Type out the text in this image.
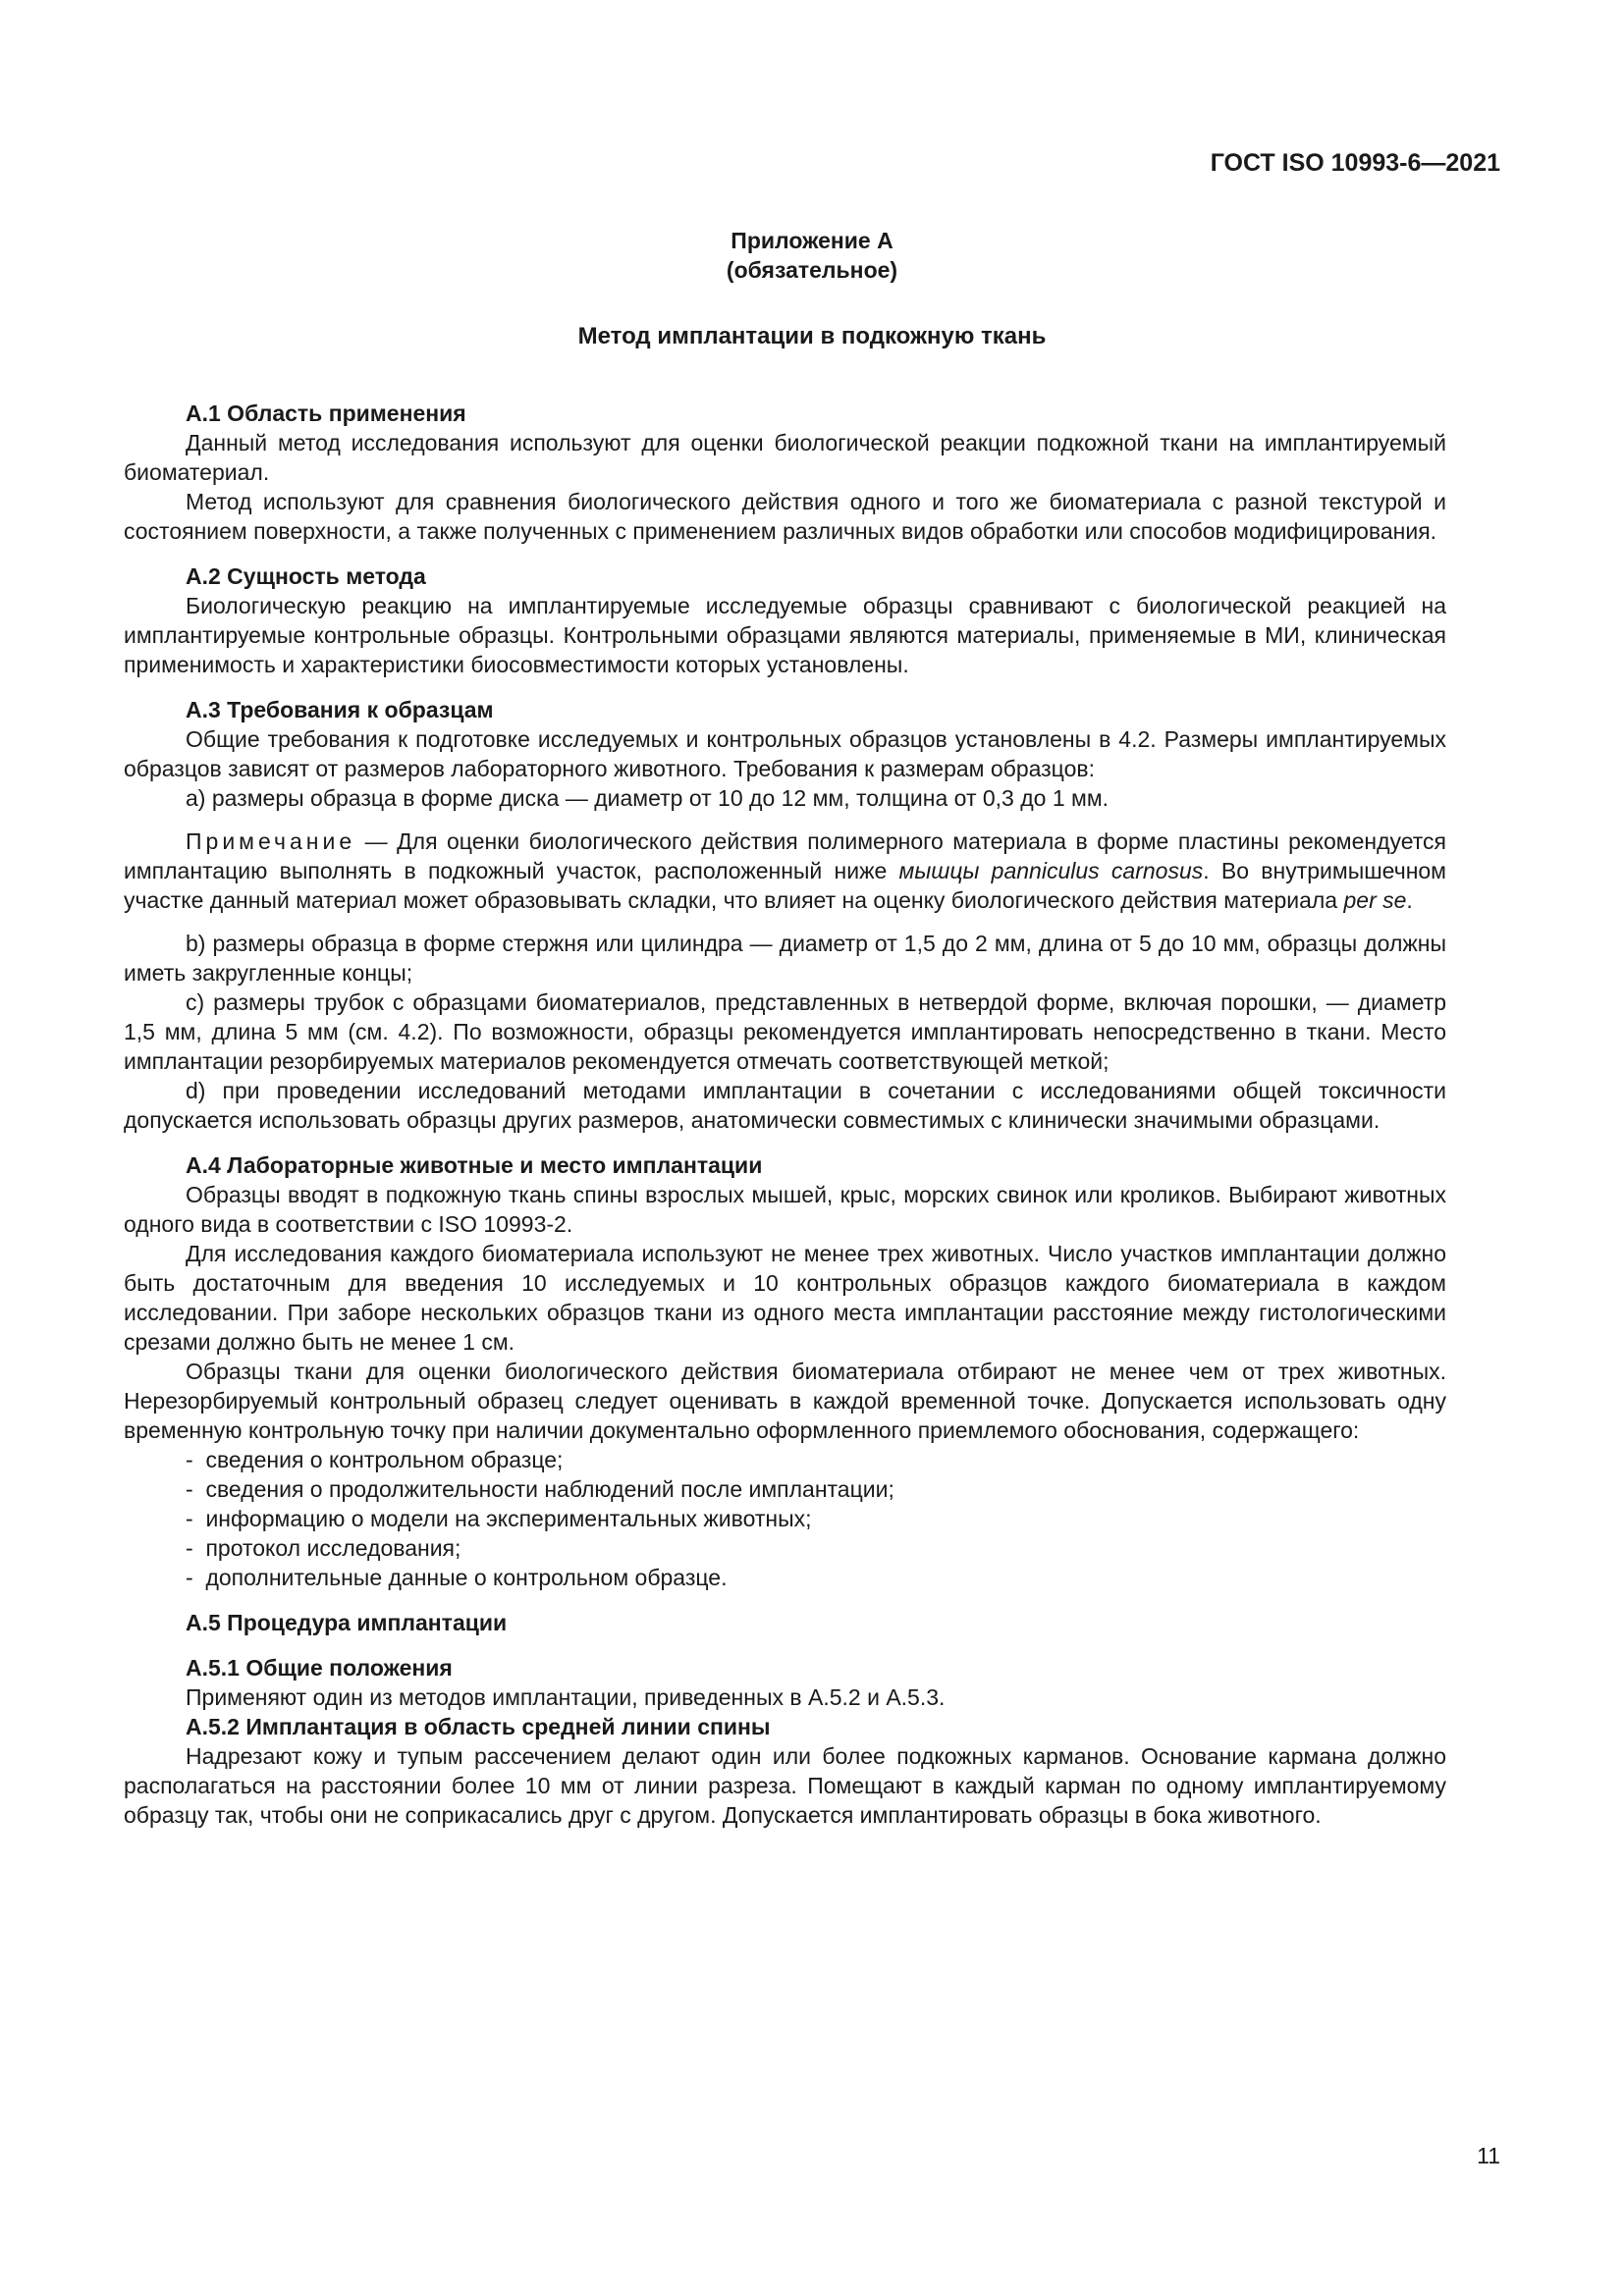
ГОСТ ISO 10993-6—2021

Приложение А
(обязательное)
Метод имплантации в подкожную ткань
А.1 Область применения

Данный метод исследования используют для оценки биологической реакции подкожной ткани на имплантируемый биоматериал.

Метод используют для сравнения биологического действия одного и того же биоматериала с разной текстурой и состоянием поверхности, а также полученных с применением различных видов обработки или способов модифицирования.

А.2 Сущность метода

Биологическую реакцию на имплантируемые исследуемые образцы сравнивают с биологической реакцией на имплантируемые контрольные образцы. Контрольными образцами являются материалы, применяемые в МИ, клиническая применимость и характеристики биосовместимости которых установлены.

А.3 Требования к образцам

Общие требования к подготовке исследуемых и контрольных образцов установлены в 4.2. Размеры имплантируемых образцов зависят от размеров лабораторного животного. Требования к размерам образцов:

a) размеры образца в форме диска — диаметр от 10 до 12 мм, толщина от 0,3 до 1 мм.

Примечание — Для оценки биологического действия полимерного материала в форме пластины рекомендуется имплантацию выполнять в подкожный участок, расположенный ниже мышцы panniculus carnosus. Во внутримышечном участке данный материал может образовывать складки, что влияет на оценку биологического действия материала per se.

b) размеры образца в форме стержня или цилиндра — диаметр от 1,5 до 2 мм, длина от 5 до 10 мм, образцы должны иметь закругленные концы;

c) размеры трубок с образцами биоматериалов, представленных в нетвердой форме, включая порошки, — диаметр 1,5 мм, длина 5 мм (см. 4.2). По возможности, образцы рекомендуется имплантировать непосредственно в ткани. Место имплантации резорбируемых материалов рекомендуется отмечать соответствующей меткой;

d) при проведении исследований методами имплантации в сочетании с исследованиями общей токсичности допускается использовать образцы других размеров, анатомически совместимых с клинически значимыми образцами.

А.4 Лабораторные животные и место имплантации

Образцы вводят в подкожную ткань спины взрослых мышей, крыс, морских свинок или кроликов. Выбирают животных одного вида в соответствии с ISO 10993-2.

Для исследования каждого биоматериала используют не менее трех животных. Число участков имплантации должно быть достаточным для введения 10 исследуемых и 10 контрольных образцов каждого биоматериала в каждом исследовании. При заборе нескольких образцов ткани из одного места имплантации расстояние между гистологическими срезами должно быть не менее 1 см.

Образцы ткани для оценки биологического действия биоматериала отбирают не менее чем от трех животных. Нерезорбируемый контрольный образец следует оценивать в каждой временной точке. Допускается использовать одну временную контрольную точку при наличии документально оформленного приемлемого обоснования, содержащего:

-  сведения о контрольном образце;
-  сведения о продолжительности наблюдений после имплантации;
-  информацию о модели на экспериментальных животных;
-  протокол исследования;
-  дополнительные данные о контрольном образце.
А.5 Процедура имплантации
А.5.1 Общие положения

Применяют один из методов имплантации, приведенных в А.5.2 и А.5.3.

А.5.2 Имплантация в область средней линии спины

Надрезают кожу и тупым рассечением делают один или более подкожных карманов. Основание кармана должно располагаться на расстоянии более 10 мм от линии разреза. Помещают в каждый карман по одному имплантируемому образцу так, чтобы они не соприкасались друг с другом. Допускается имплантировать образцы в бока животного.

11
